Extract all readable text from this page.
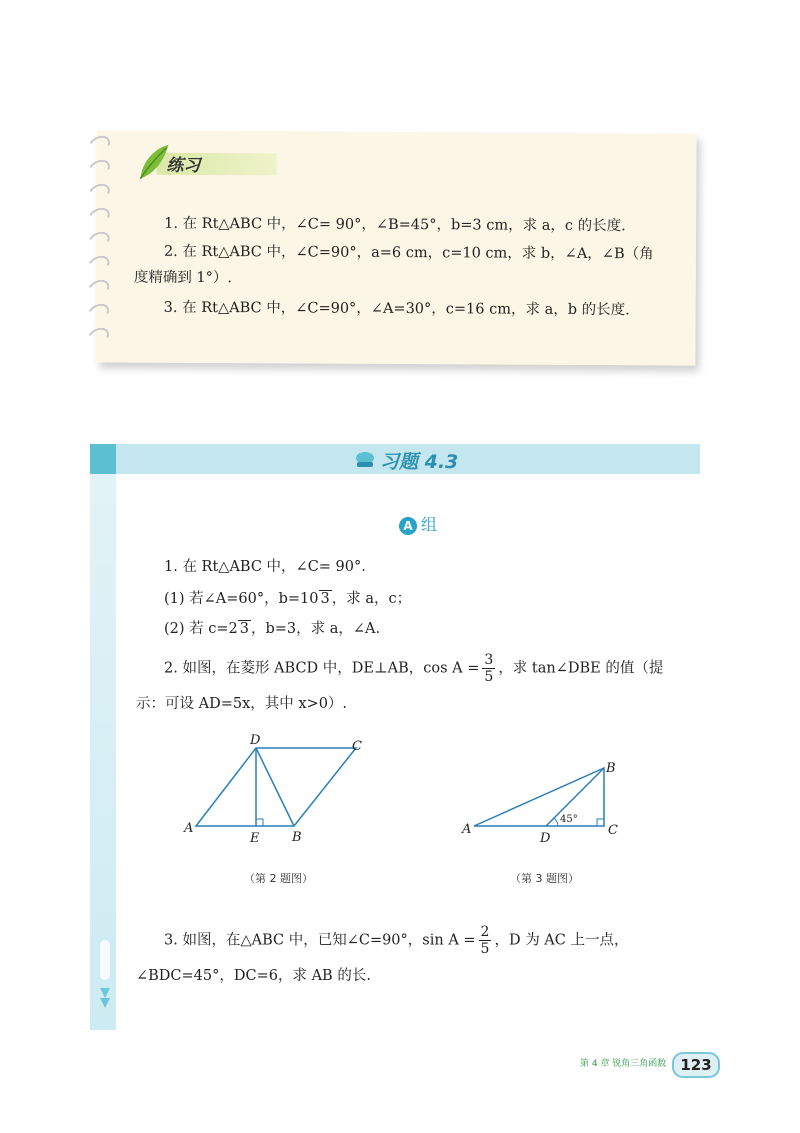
练习
1. 在 Rt△ABC 中，∠C= 90°，∠B=45°，b=3 cm，求 a，c 的长度.
2. 在 Rt△ABC 中，∠C=90°，a=6 cm，c=10 cm，求 b，∠A，∠B（角
度精确到 1°）.
3. 在 Rt△ABC 中，∠C=90°，∠A=30°，c=16 cm，求 a，b 的长度.
习题 4.3
A 组
1. 在 Rt△ABC 中，∠C= 90°.
(1) 若∠A=60°，b=10 3 ，求 a，c；
(2) 若 c=2 3 ，b=3，求 a，∠A.
2. 如图，在菱形 ABCD 中，DE⊥AB，$\cos A = \frac{3}{5}$ ，求 tan∠DBE 的值（提
示：可设 AD=5x，其中 x>0）.
A
B
C
D
E
（第 2 题图）
A
B
C
D
45°
（第 3 题图）
3. 如图，在△ABC 中，已知∠C=90°，$\sin A = \frac{2}{5}$ ，D 为 AC 上一点，
∠BDC=45°，DC=6，求 AB 的长.
第 4 章 锐角三角函数 123
